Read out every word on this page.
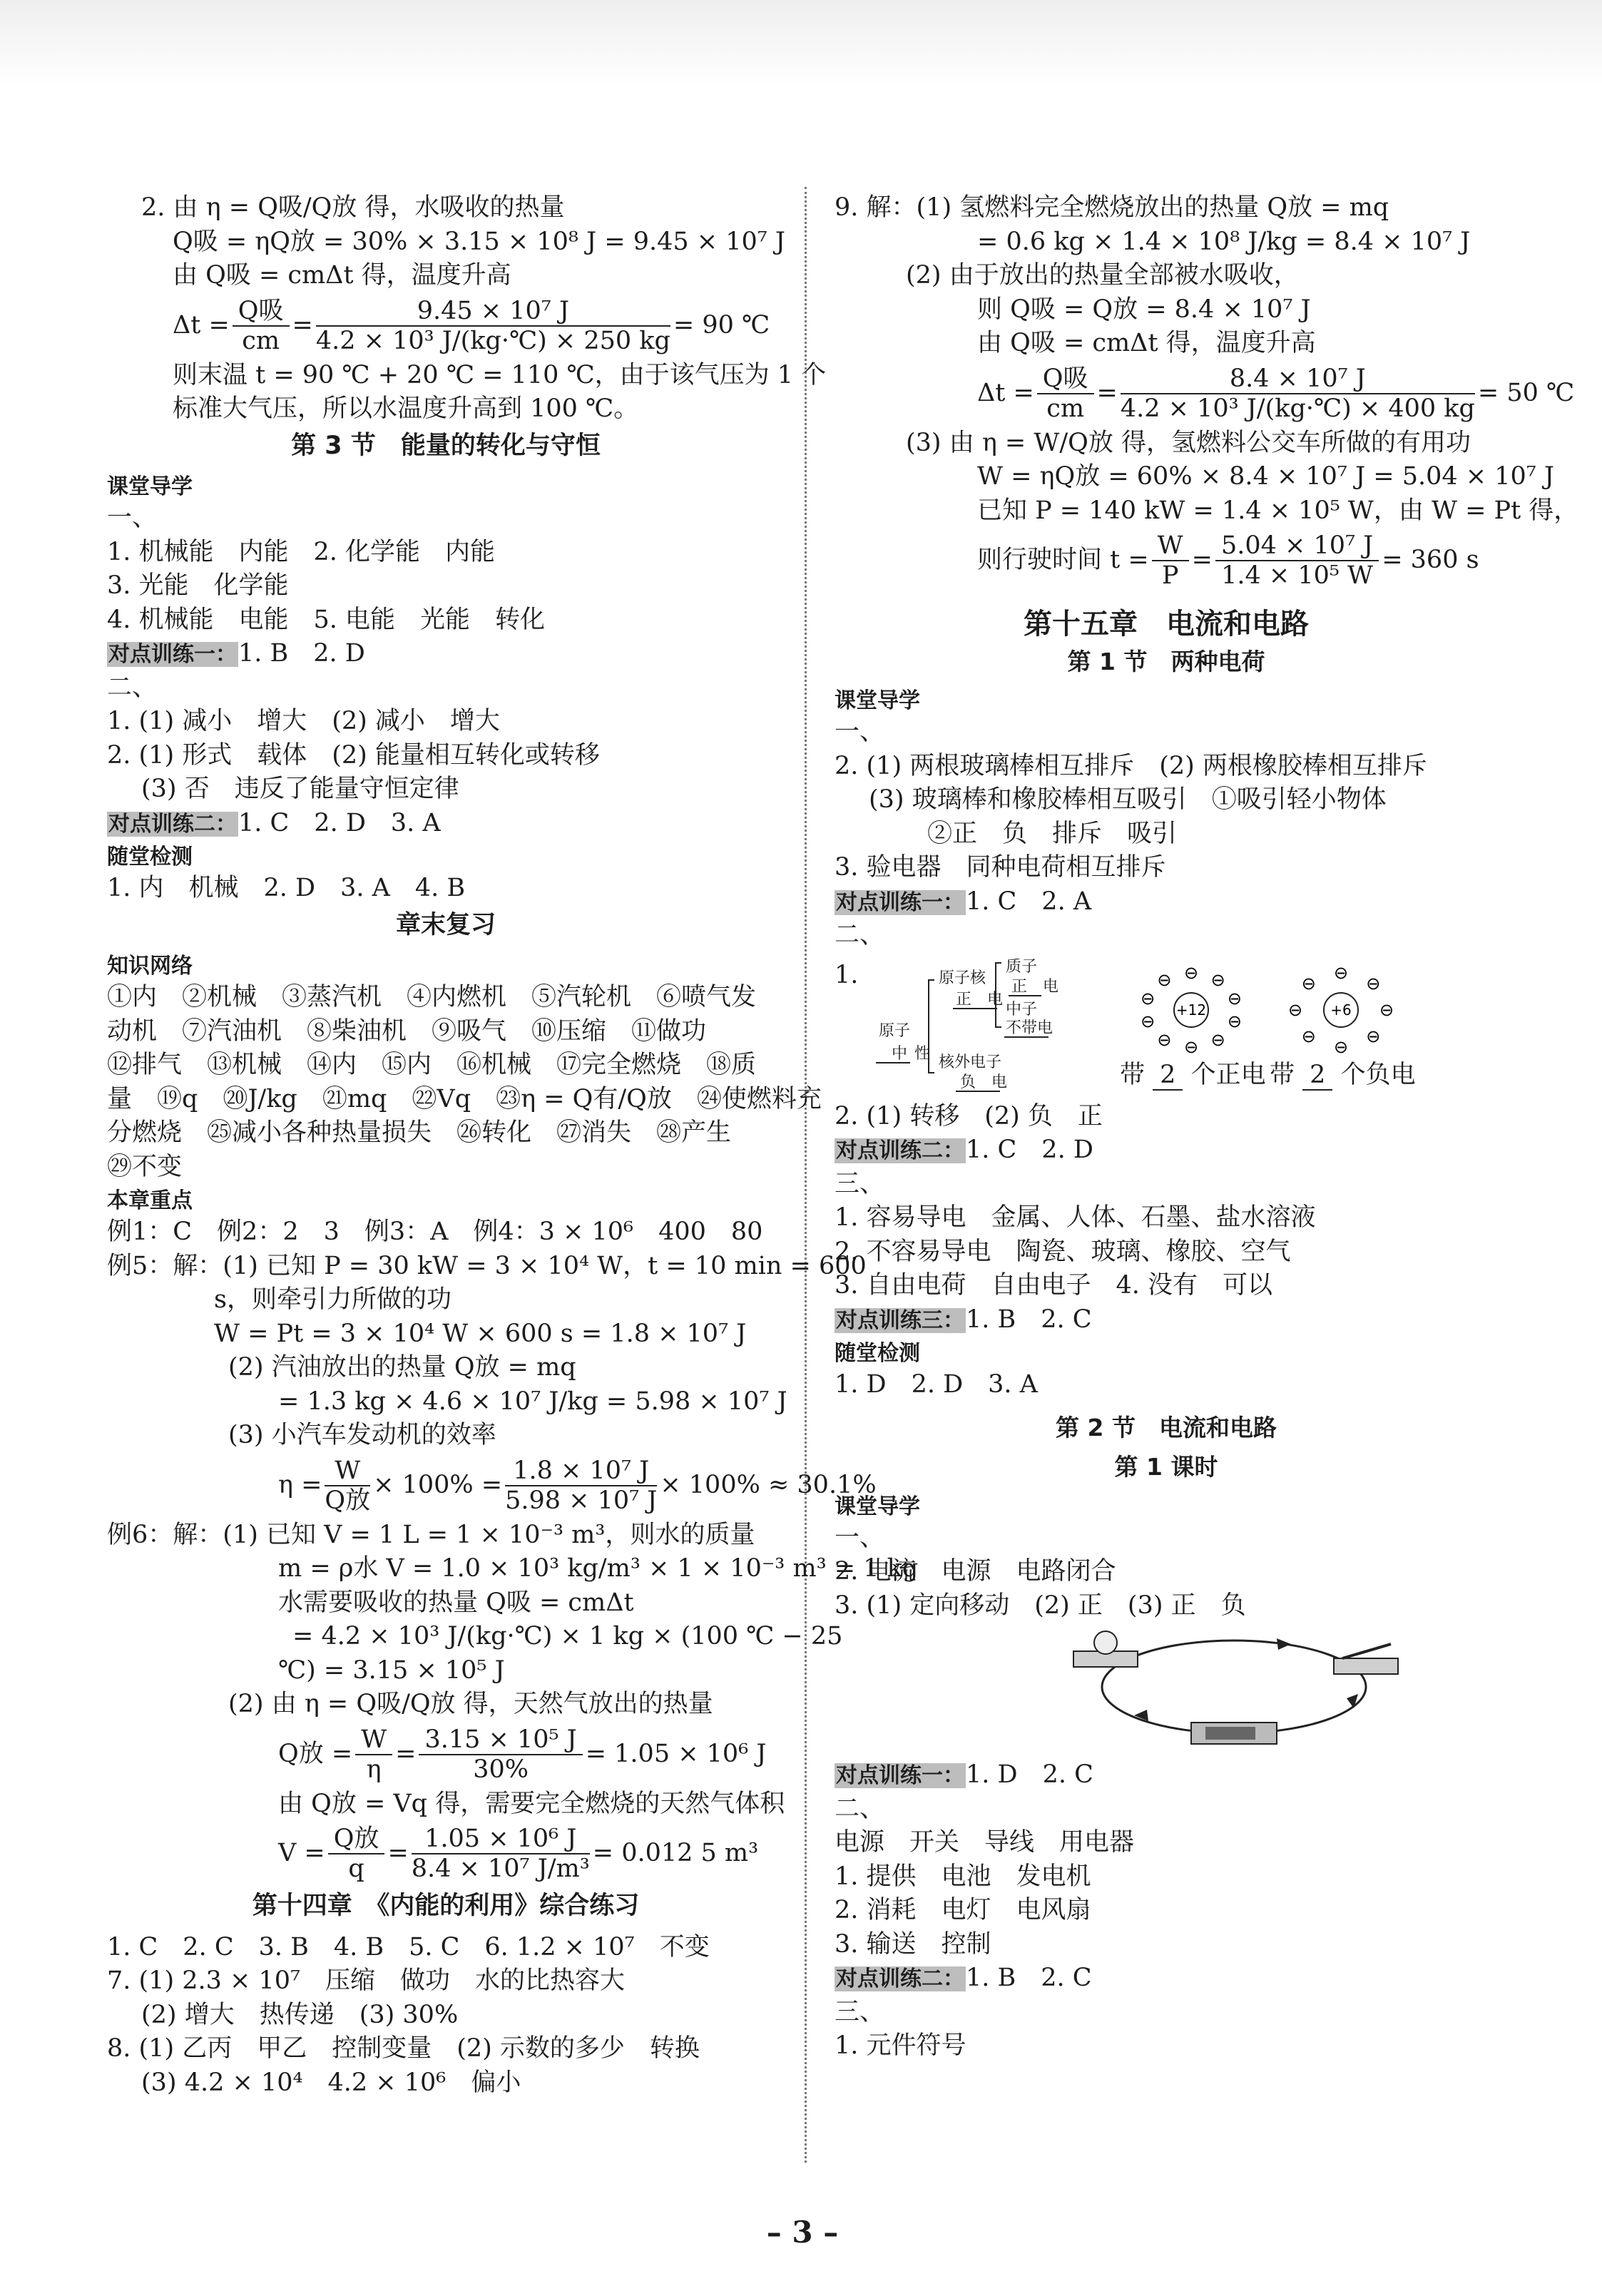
2. 由 η = Q吸/Q放 得，水吸收的热量
Q吸 = ηQ放 = 30% × 3.15 × 10⁸ J = 9.45 × 10⁷ J
由 Q吸 = cmΔt 得，温度升高
$\Delta t = \frac{\text{Q吸}}{cm} = \frac{\text{9.45 × 10⁷ J}}{\text{4.2 × 10³ J/(kg·℃) × 250 kg}} = 90$ ℃
则末温 t = 90 ℃ + 20 ℃ = 110 ℃，由于该气压为 1 个
标准大气压，所以水温度升高到 100 ℃。
第 3 节　能量的转化与守恒
课堂导学
一、
1. 机械能　内能　2. 化学能　内能
3. 光能　化学能
4. 机械能　电能　5. 电能　光能　转化
对点训练一：1. B　2. D
二、
1. (1) 减小　增大　(2) 减小　增大
2. (1) 形式　载体　(2) 能量相互转化或转移
(3) 否　违反了能量守恒定律
对点训练二：1. C　2. D　3. A
随堂检测
1. 内　机械　2. D　3. A　4. B
章末复习
知识网络
①内　②机械　③蒸汽机　④内燃机　⑤汽轮机　⑥喷气发
动机　⑦汽油机　⑧柴油机　⑨吸气　⑩压缩　⑪做功
⑫排气　⑬机械　⑭内　⑮内　⑯机械　⑰完全燃烧　⑱质
量　⑲q　⑳J/kg　㉑mq　㉒Vq　㉓η = Q有/Q放　㉔使燃料充
分燃烧　㉕减小各种热量损失　㉖转化　㉗消失　㉘产生
㉙不变
本章重点
例1：C　例2：2　3　例3：A　例4：3 × 10⁶　400　80
例5：解：(1) 已知 P = 30 kW = 3 × 10⁴ W，t = 10 min = 600
s，则牵引力所做的功
W = Pt = 3 × 10⁴ W × 600 s = 1.8 × 10⁷ J
(2) 汽油放出的热量 Q放 = mq
= 1.3 kg × 4.6 × 10⁷ J/kg = 5.98 × 10⁷ J
(3) 小汽车发动机的效率
$\eta = \frac{W}{\text{Q放}} \times 100\% = \frac{\text{1.8 × 10⁷ J}}{\text{5.98 × 10⁷ J}} \times 100\% \approx 30.1\%$
例6：解：(1) 已知 V = 1 L = 1 × 10⁻³ m³，则水的质量
m = ρ水 V = 1.0 × 10³ kg/m³ × 1 × 10⁻³ m³ = 1 kg
水需要吸收的热量 Q吸 = cmΔt
= 4.2 × 10³ J/(kg·℃) × 1 kg × (100 ℃ − 25
℃) = 3.15 × 10⁵ J
(2) 由 η = Q吸/Q放 得，天然气放出的热量
Q放 = $\frac{W}{\eta} = \frac{\text{3.15 × 10⁵ J}}{30\%} = 1.05 \times 10^6$ J
由 Q放 = Vq 得，需要完全燃烧的天然气体积
$V = \frac{\text{Q放}}{q} = \frac{\text{1.05 × 10⁶ J}}{\text{8.4 × 10⁷ J/m³}} = 0.012$ 5 m³
第十四章　《内能的利用》综合练习
1. C　2. C　3. B　4. B　5. C　6. 1.2 × 10⁷　不变
7. (1) 2.3 × 10⁷　压缩　做功　水的比热容大
(2) 增大　热传递　(3) 30%
8. (1) 乙丙　甲乙　控制变量　(2) 示数的多少　转换
(3) 4.2 × 10⁴　4.2 × 10⁶　偏小
9. 解：(1) 氢燃料完全燃烧放出的热量 Q放 = mq
= 0.6 kg × 1.4 × 10⁸ J/kg = 8.4 × 10⁷ J
(2) 由于放出的热量全部被水吸收，
则 Q吸 = Q放 = 8.4 × 10⁷ J
由 Q吸 = cmΔt 得，温度升高
$\Delta t = \frac{\text{Q吸}}{cm} = \frac{\text{8.4 × 10⁷ J}}{\text{4.2 × 10³ J/(kg·℃) × 400 kg}} = 50$ ℃
(3) 由 η = W/Q放 得，氢燃料公交车所做的有用功
W = ηQ放 = 60% × 8.4 × 10⁷ J = 5.04 × 10⁷ J
已知 P = 140 kW = 1.4 × 10⁵ W，由 W = Pt 得，
则行驶时间 $t = \frac{W}{P} = \frac{\text{5.04 × 10⁷ J}}{\text{1.4 × 10⁵ W}} = 360$ s
第十五章　电流和电路
第 1 节　两种电荷
课堂导学
一、
2. (1) 两根玻璃棒相互排斥　(2) 两根橡胶棒相互排斥
(3) 玻璃棒和橡胶棒相互吸引　①吸引轻小物体
②正　负　排斥　吸引
3. 验电器　同种电荷相互排斥
对点训练一：1. C　2. A
二、
1.
原子
中 性
原子核
正　电
质子
正　电
中子
不带电
核外电子
负　电
+12
⊖ ⊖
⊖
⊖
⊖
⊖
⊖
⊖
⊖
⊖
+6
⊖
⊖
⊖
⊖
⊖
⊖
⊖
⊖
带 2 个正电 带 2 个负电
2. (1) 转移　(2) 负　正
对点训练二：1. C　2. D
三、
1. 容易导电　金属、人体、石墨、盐水溶液
2. 不容易导电　陶瓷、玻璃、橡胶、空气
3. 自由电荷　自由电子　4. 没有　可以
对点训练三：1. B　2. C
随堂检测
1. D　2. D　3. A
第 2 节　电流和电路
第 1 课时
课堂导学
一、
2. 电流　电源　电路闭合
3. (1) 定向移动　(2) 正　(3) 正　负
对点训练一：1. D　2. C
二、
电源　开关　导线　用电器
1. 提供　电池　发电机
2. 消耗　电灯　电风扇
3. 输送　控制
对点训练二：1. B　2. C
三、
1. 元件符号
– 3 –
